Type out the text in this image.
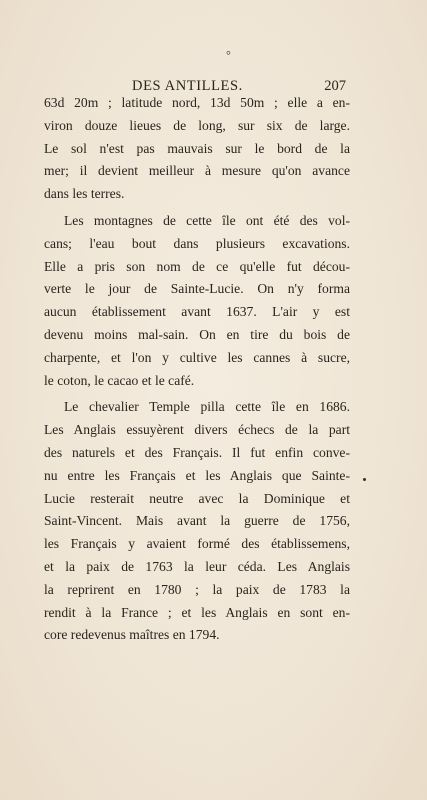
°
DES ANTILLES.	207
63d 20m ; latitude nord, 13d 50m ; elle a en-
viron douze lieues de long, sur six de large.
Le sol n'est pas mauvais sur le bord de la
mer; il devient meilleur à mesure qu'on avance
dans les terres.
Les montagnes de cette île ont été des vol-
cans; l'eau bout dans plusieurs excavations.
Elle a pris son nom de ce qu'elle fut décou-
verte le jour de Sainte-Lucie. On n'y forma
aucun établissement avant 1637. L'air y est
devenu moins mal-sain. On en tire du bois de
charpente, et l'on y cultive les cannes à sucre,
le coton, le cacao et le café.
Le chevalier Temple pilla cette île en 1686.
Les Anglais essuyèrent divers échecs de la part
des naturels et des Français. Il fut enfin conve-
nu entre les Français et les Anglais que Sainte-
Lucie resterait neutre avec la Dominique et
Saint-Vincent. Mais avant la guerre de 1756,
les Français y avaient formé des établissemens,
et la paix de 1763 la leur céda. Les Anglais
la reprirent en 1780 ; la paix de 1783 la
rendit à la France ; et les Anglais en sont en-
core redevenus maîtres en 1794.
